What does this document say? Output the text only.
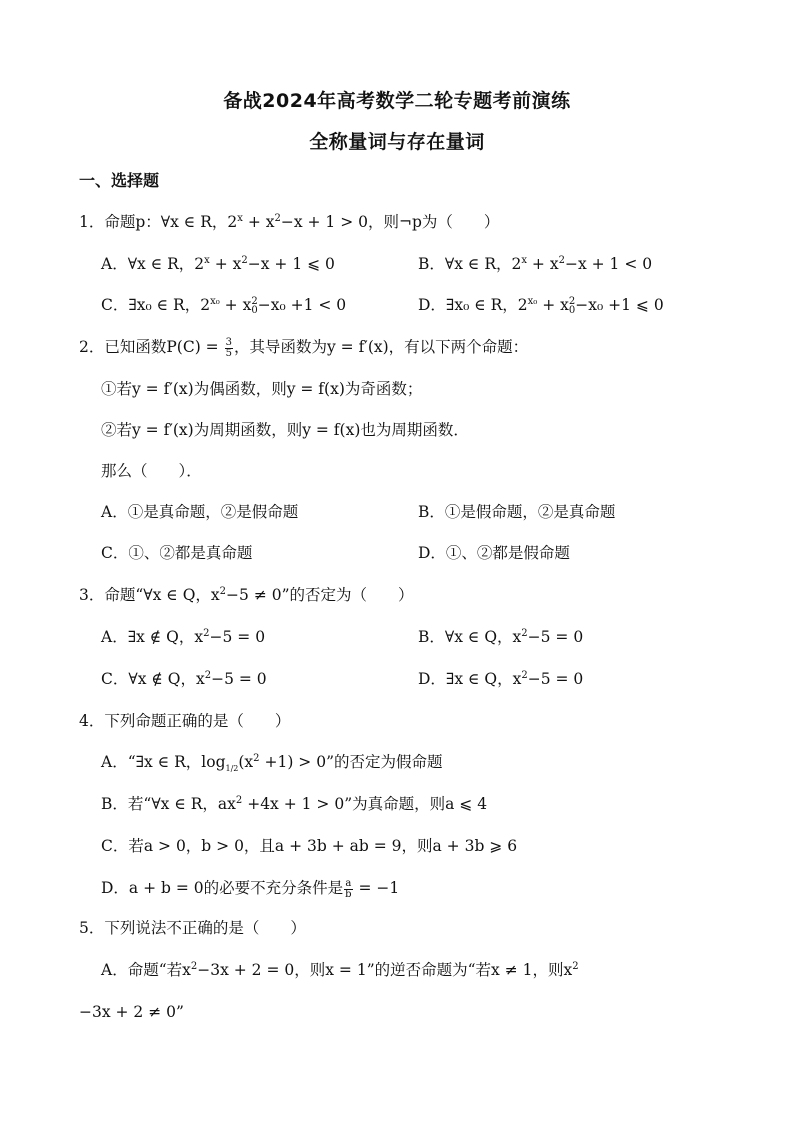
备战2024年高考数学二轮专题考前演练
全称量词与存在量词
一、选择题
1．命题p：∀x ∈ R，$2^x + x^2-x + 1 > 0$，则¬p为（　　）
A．∀x ∈ R，$2^x + x^2-x + 1$ ⩽ 0	B．∀x ∈ R，$2^x + x^2-x + 1 < 0$
C．∃x₀ ∈ R，$2^{x_0} + x$ 2
0 −x₀ +1 < 0	D．∃x₀ ∈ R，$2^{x_0} + x$ 2
0 −x₀ +1 ⩽ 0
2．已知函数$P(C) = \frac{3}{5}$ ，其导函数为y = f′(x)，有以下两个命题：
①若y = f′(x)为偶函数，则y = f(x)为奇函数；
②若y = f′(x)为周期函数，则y = f(x)也为周期函数．
那么（　　）．
A．①是真命题，②是假命题	B．①是假命题，②是真命题
C．①、②都是真命题	D．①、②都是假命题
3．命题“∀x ∈ Q，$x^2-5 \ne 0$”的否定为（　　）
A．∃x ∉ Q，$x^2-5 = 0$	B．∀x ∈ Q，$x^2-5 = 0$
C．∀x ∉ Q，$x^2-5 = 0$	D．∃x ∈ Q，$x^2-5 = 0$
4．下列命题正确的是（　　）
A．“∃x ∈ R，$\log_{1/2}(x^2 +1) > 0$”的否定为假命题
B．若“∀x ∈ R，$ax^2 +4x + 1 > 0$”为真命题，则a ⩽ 4
C．若a > 0，b > 0，且a + 3b + ab = 9，则a + 3b ⩾ 6
D．a + b = 0的必要不充分条件是 $\frac{a}{b} = -1$
5．下列说法不正确的是（　　）
A．命题“若$x^2-3x + 2 = 0$，则x = 1”的逆否命题为“若x ≠ 1，则$x^2$
−3x + 2 ≠ 0”
